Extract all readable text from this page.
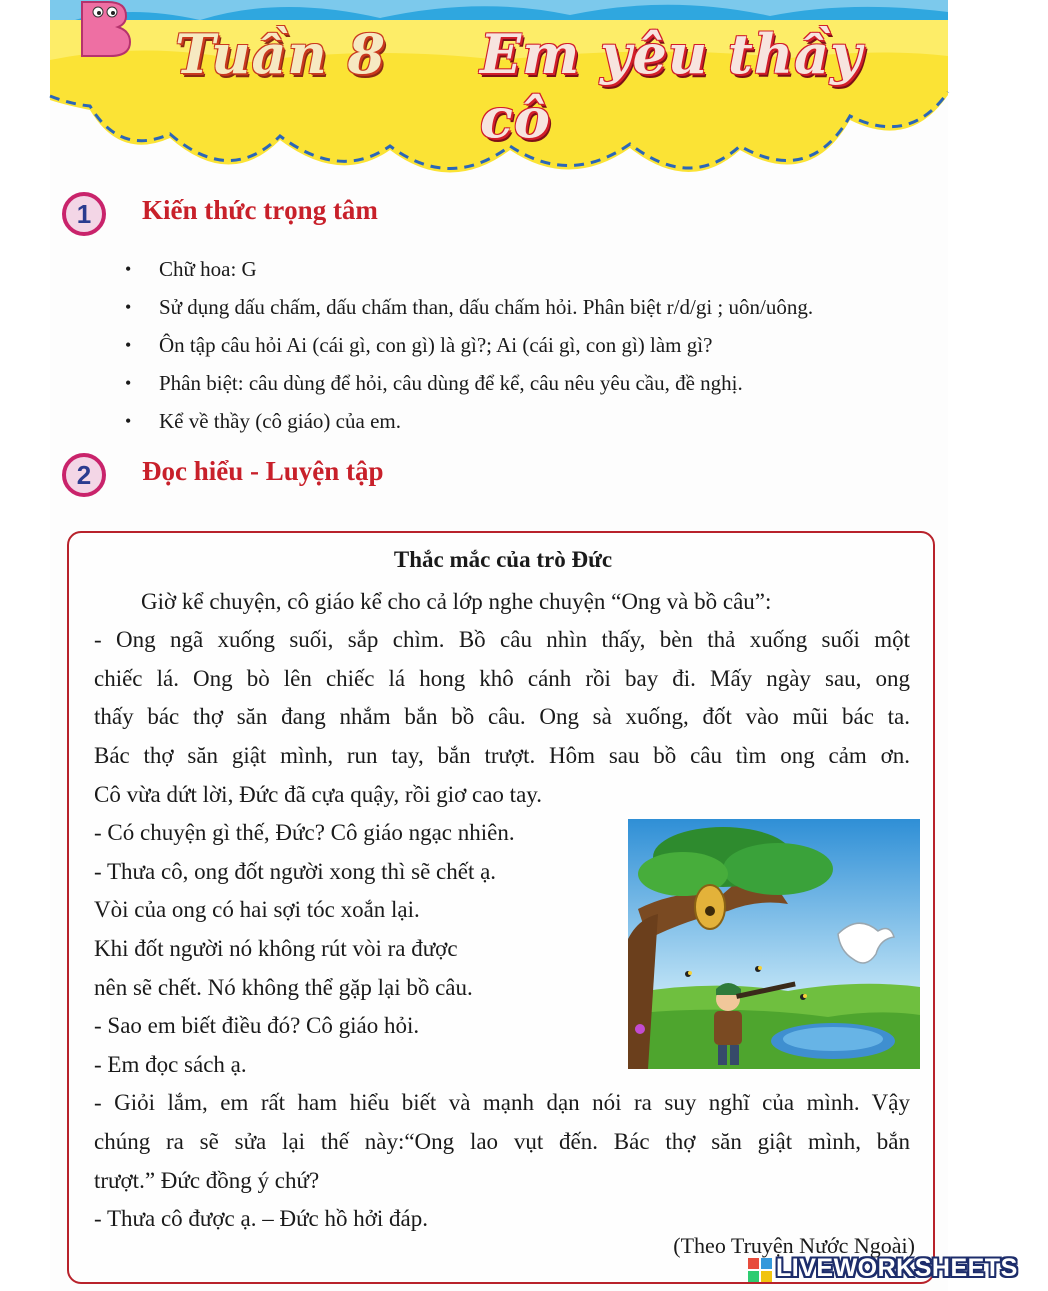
Tuần 8 Em yêu thầy cô
1	Kiến thức trọng tâm
• Chữ hoa: G
• Sử dụng dấu chấm, dấu chấm than, dấu chấm hỏi. Phân biệt r/d/gi ; uôn/uông.
• Ôn tập câu hỏi Ai (cái gì, con gì) là gì?; Ai (cái gì, con gì) làm gì?
• Phân biệt: câu dùng để hỏi, câu dùng để kể, câu nêu yêu cầu, đề nghị.
• Kể về thầy (cô giáo) của em.
2	Đọc hiểu - Luyện tập
Thắc mắc của trò Đức
Giờ kể chuyện, cô giáo kể cho cả lớp nghe chuyện “Ong và bồ câu”:
- Ong ngã xuống suối, sắp chìm. Bồ câu nhìn thấy, bèn thả xuống suối một
chiếc lá. Ong bò lên chiếc lá hong khô cánh rồi bay đi. Mấy ngày sau, ong
thấy bác thợ săn đang nhắm bắn bồ câu. Ong sà xuống, đốt vào mũi bác ta.
Bác thợ săn giật mình, run tay, bắn trượt. Hôm sau bồ câu tìm ong cảm ơn.
Cô vừa dứt lời, Đức đã cựa quậy, rồi giơ cao tay.
- Có chuyện gì thế, Đức? Cô giáo ngạc nhiên.
- Thưa cô, ong đốt người xong thì sẽ chết ạ.
Vòi của ong có hai sợi tóc xoắn lại.
Khi đốt người nó không rút vòi ra được
nên sẽ chết. Nó không thể gặp lại bồ câu.
- Sao em biết điều đó? Cô giáo hỏi.
- Em đọc sách ạ.
- Giỏi lắm, em rất ham hiểu biết và mạnh dạn nói ra suy nghĩ của mình. Vậy
chúng ra sẽ sửa lại thế này:“Ong lao vụt đến. Bác thợ săn giật mình, bắn
trượt.” Đức đồng ý chứ?
- Thưa cô được ạ. – Đức hồ hởi đáp.
(Theo Truyện Nước Ngoài)
LIVEWORKSHEETS
